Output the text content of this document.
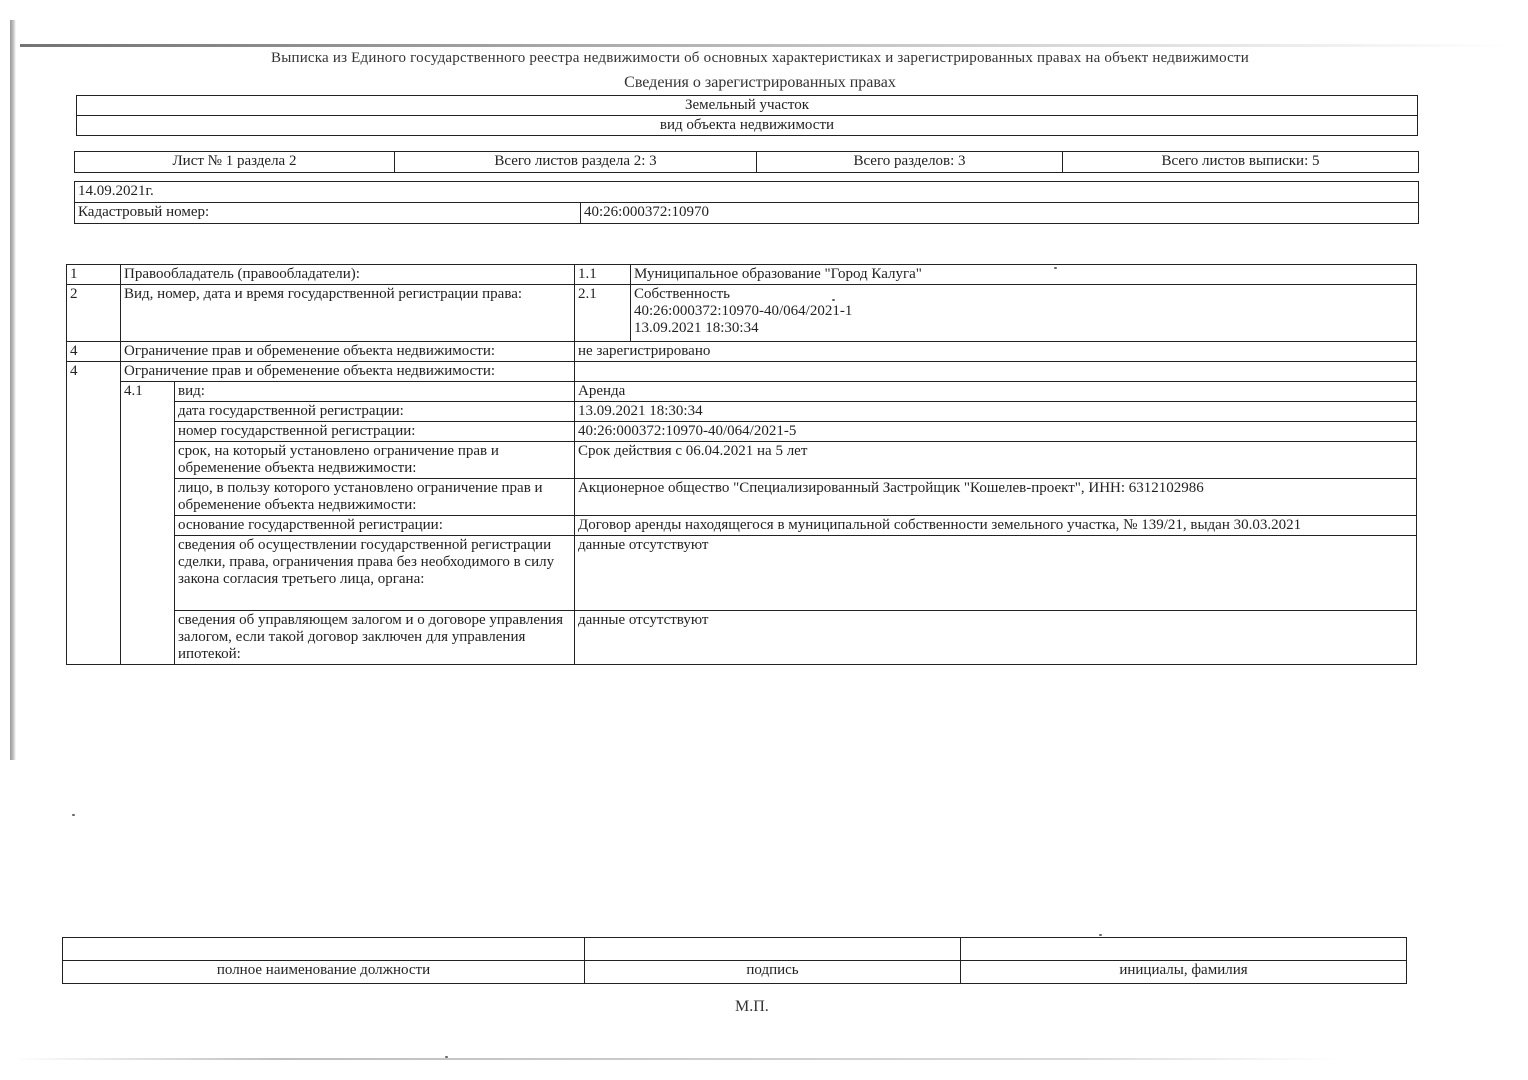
Выписка из Единого государственного реестра недвижимости об основных характеристиках и зарегистрированных правах на объект недвижимости
Сведения о зарегистрированных правах
Земельный участок
вид объекта недвижимости
Лист № 1 раздела 2	Всего листов раздела 2: 3	Всего разделов: 3	Всего листов выписки: 5
14.09.2021г.
Кадастровый номер:	40:26:000372:10970
1	Правообладатель (правообладатели):		1.1	Муниципальное образование "Город Калуга"
2	Вид, номер, дата и время государственной регистрации права:		2.1	Собственность
40:26:000372:10970-40/064/2021-1
13.09.2021 18:30:34

4	Ограничение прав и обременение объекта недвижимости:		не зарегистрировано	
4	Ограничение прав и обременение объекта недвижимости:			
	4.1	вид:	Аренда	
		дата государственной регистрации:	13.09.2021 18:30:34	
		номер государственной регистрации:	40:26:000372:10970-40/064/2021-5	
		срок, на который установлено ограничение прав и обременение объекта недвижимости:	Срок действия с 06.04.2021 на 5 лет	
		лицо, в пользу которого установлено ограничение прав и обременение объекта недвижимости:	Акционерное общество "Специализированный Застройщик "Кошелев-проект", ИНН: 6312102986	
		основание государственной регистрации:	Договор аренды находящегося в муниципальной собственности земельного участка, № 139/21, выдан 30.03.2021	
		сведения об осуществлении государственной регистрации сделки, права, ограничения права без необходимого в силу закона согласия третьего лица, органа:	данные отсутствуют	
		сведения об управляющем залогом и о договоре управления залогом, если такой договор заключен для управления ипотекой:	данные отсутствуют	

полное наименование должности	подпись	инициалы, фамилия
М.П.
